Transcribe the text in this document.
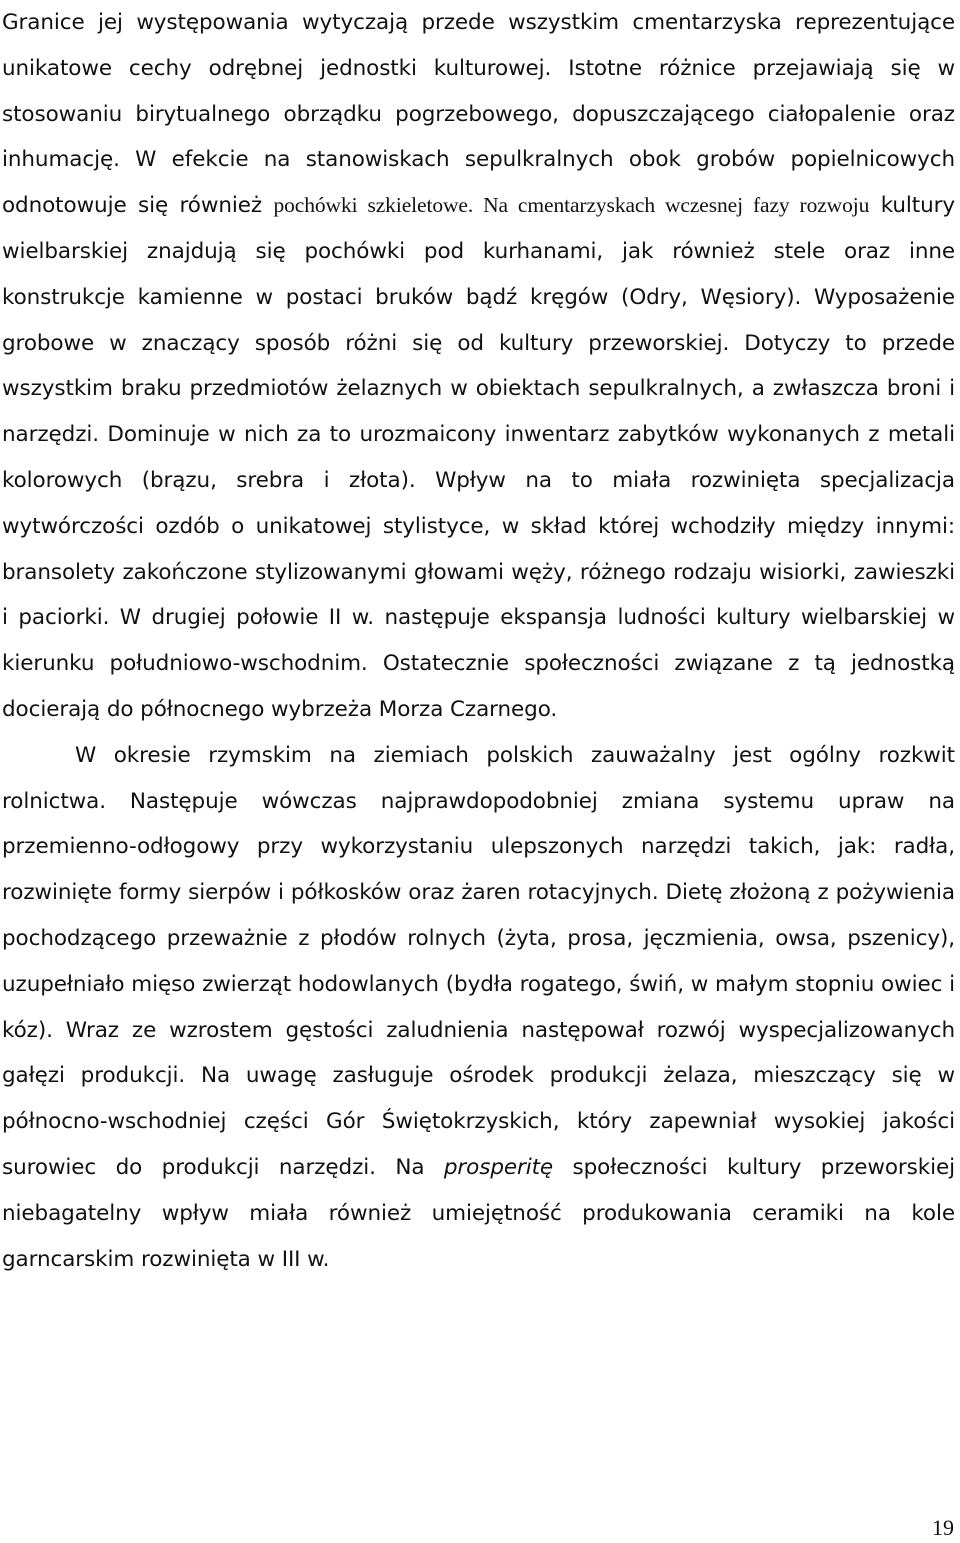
Granice jej występowania wytyczają przede wszystkim cmentarzyska reprezentujące unikatowe cechy odrębnej jednostki kulturowej. Istotne różnice przejawiają się w stosowaniu birytualnego obrządku pogrzebowego, dopuszczającego ciałopalenie oraz inhumację. W efekcie na stanowiskach sepulkralnych obok grobów popielnicowych odnotowuje się również pochówki szkieletowe. Na cmentarzyskach wczesnej fazy rozwoju kultury wielbarskiej znajdują się pochówki pod kurhanami, jak również stele oraz inne konstrukcje kamienne w postaci bruków bądź kręgów (Odry, Węsiory). Wyposażenie grobowe w znaczący sposób różni się od kultury przeworskiej. Dotyczy to przede wszystkim braku przedmiotów żelaznych w obiektach sepulkralnych, a zwłaszcza broni i narzędzi. Dominuje w nich za to urozmaicony inwentarz zabytków wykonanych z metali kolorowych (brązu, srebra i złota). Wpływ na to miała rozwinięta specjalizacja wytwórczości ozdób o unikatowej stylistyce, w skład której wchodziły między innymi: bransolety zakończone stylizowanymi głowami węży, różnego rodzaju wisiorki, zawieszki i paciorki. W drugiej połowie II w. następuje ekspansja ludności kultury wielbarskiej w kierunku południowo-wschodnim. Ostatecznie społeczności związane z tą jednostką docierają do północnego wybrzeża Morza Czarnego.

W okresie rzymskim na ziemiach polskich zauważalny jest ogólny rozkwit rolnictwa. Następuje wówczas najprawdopodobniej zmiana systemu upraw na przemienno-odłogowy przy wykorzystaniu ulepszonych narzędzi takich, jak: radła, rozwinięte formy sierpów i półkosków oraz żaren rotacyjnych. Dietę złożoną z pożywienia pochodzącego przeważnie z płodów rolnych (żyta, prosa, jęczmienia, owsa, pszenicy), uzupełniało mięso zwierząt hodowlanych (bydła rogatego, świń, w małym stopniu owiec i kóz). Wraz ze wzrostem gęstości zaludnienia następował rozwój wyspecjalizowanych gałęzi produkcji. Na uwagę zasługuje ośrodek produkcji żelaza, mieszczący się w północno-wschodniej części Gór Świętokrzyskich, który zapewniał wysokiej jakości surowiec do produkcji narzędzi. Na prosperitę społeczności kultury przeworskiej niebagatelny wpływ miała również umiejętność produkowania ceramiki na kole garncarskim rozwinięta w III w.

19
